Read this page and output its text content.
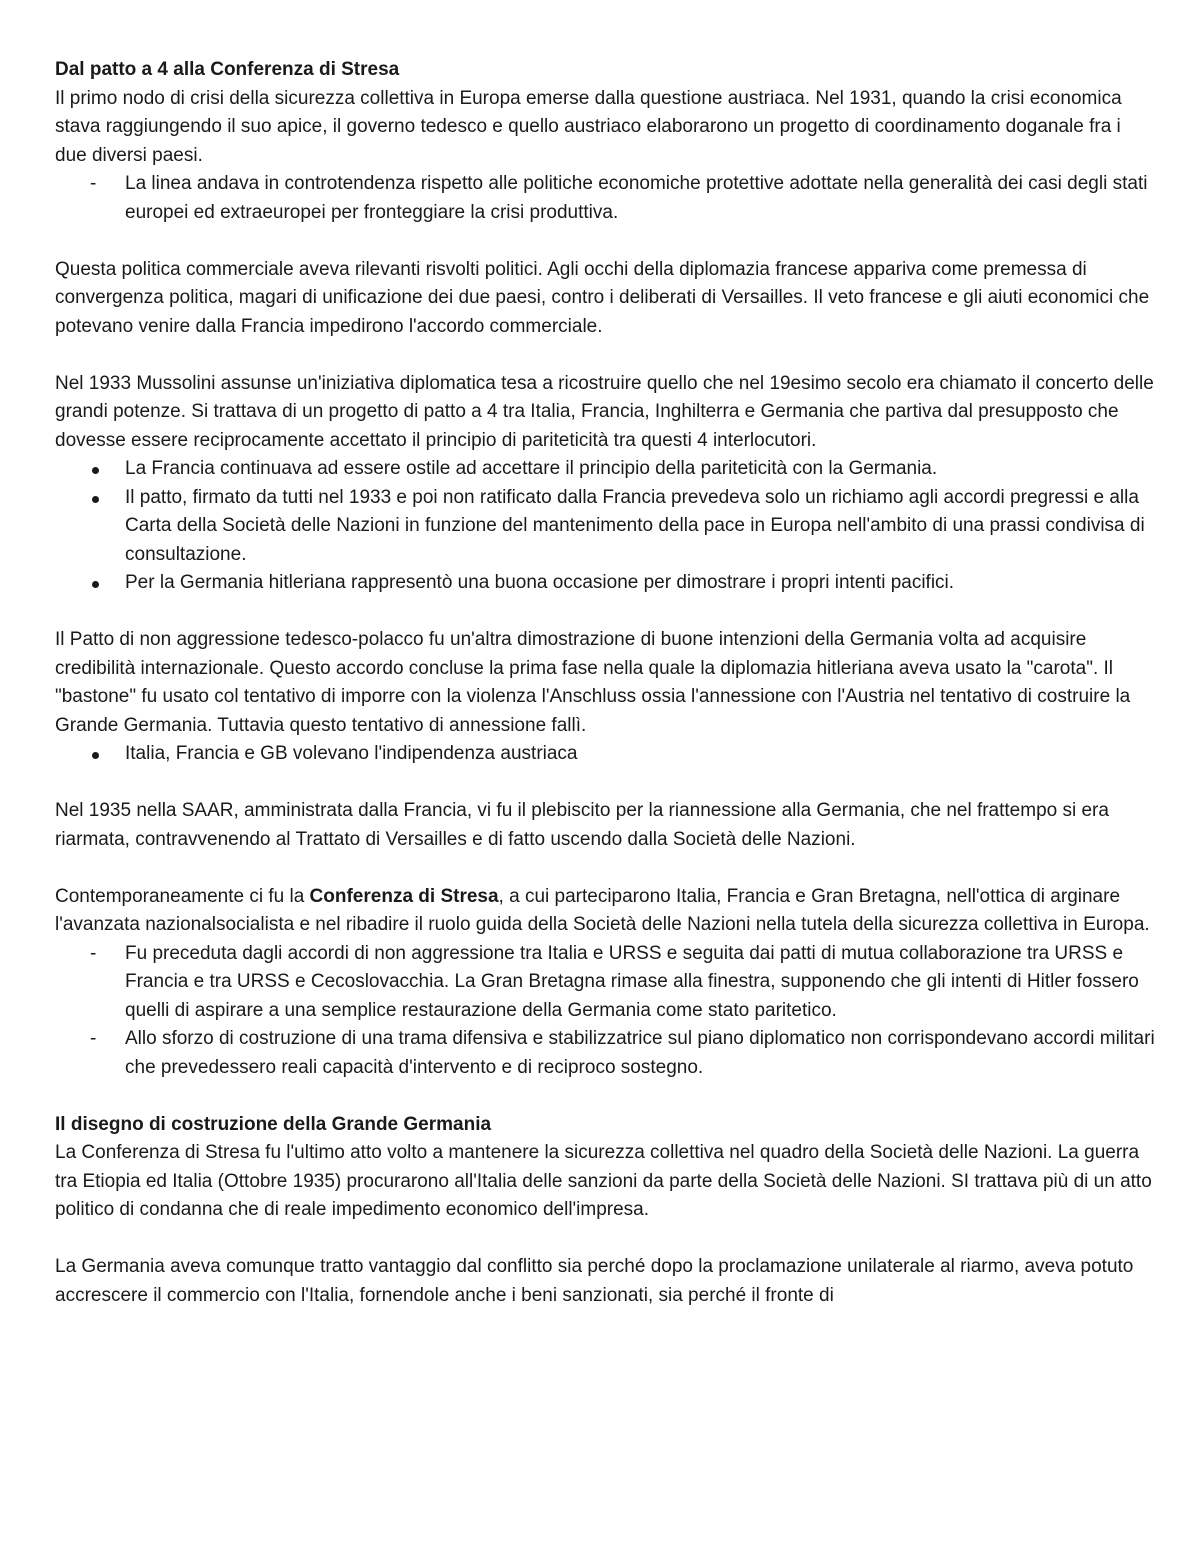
Dal patto a 4 alla Conferenza di Stresa

Il primo nodo di crisi della sicurezza collettiva in Europa emerse dalla questione austriaca. Nel 1931, quando la crisi economica stava raggiungendo il suo apice, il governo tedesco e quello austriaco elaborarono un progetto di coordinamento doganale fra i due diversi paesi.

-
La linea andava in controtendenza rispetto alle politiche economiche protettive adottate nella generalità dei casi degli stati europei ed extraeuropei per fronteggiare la crisi produttiva.

Questa politica commerciale aveva rilevanti risvolti politici. Agli occhi della diplomazia francese appariva come premessa di convergenza politica, magari di unificazione dei due paesi, contro i deliberati di Versailles. Il veto francese e gli aiuti economici che potevano venire dalla Francia impedirono l'accordo commerciale.

Nel 1933 Mussolini assunse un'iniziativa diplomatica tesa a ricostruire quello che nel 19esimo secolo era chiamato il concerto delle grandi potenze. Si trattava di un progetto di patto a 4 tra Italia, Francia, Inghilterra e Germania che partiva dal presupposto che dovesse essere reciprocamente accettato il principio di pariteticità tra questi 4 interlocutori.

La Francia continuava ad essere ostile ad accettare il principio della pariteticità con la Germania.
Il patto, firmato da tutti nel 1933 e poi non ratificato dalla Francia prevedeva solo un richiamo agli accordi pregressi e alla Carta della Società delle Nazioni in funzione del mantenimento della pace in Europa nell'ambito di una prassi condivisa di consultazione.
Per la Germania hitleriana rappresentò una buona occasione per dimostrare i propri intenti pacifici.

Il Patto di non aggressione tedesco-polacco fu un'altra dimostrazione di buone intenzioni della Germania volta ad acquisire credibilità internazionale. Questo accordo concluse la prima fase nella quale la diplomazia hitleriana aveva usato la "carota". Il "bastone" fu usato col tentativo di imporre con la violenza l'Anschluss ossia l'annessione con l'Austria nel tentativo di costruire la Grande Germania. Tuttavia questo tentativo di annessione fallì.

Italia, Francia e GB volevano l'indipendenza austriaca

Nel 1935 nella SAAR, amministrata dalla Francia, vi fu il plebiscito per la riannessione alla Germania, che nel frattempo si era riarmata, contravvenendo al Trattato di Versailles e di fatto uscendo dalla Società delle Nazioni.

Contemporaneamente ci fu la Conferenza di Stresa, a cui parteciparono Italia, Francia e Gran Bretagna, nell'ottica di arginare l'avanzata nazionalsocialista e nel ribadire il ruolo guida della Società delle Nazioni nella tutela della sicurezza collettiva in Europa.

-
Fu preceduta dagli accordi di non aggressione tra Italia e URSS e seguita dai patti di mutua collaborazione tra URSS e Francia e tra URSS e Cecoslovacchia. La Gran Bretagna rimase alla finestra, supponendo che gli intenti di Hitler fossero quelli di aspirare a una semplice restaurazione della Germania come stato paritetico.
-
Allo sforzo di costruzione di una trama difensiva e stabilizzatrice sul piano diplomatico non corrispondevano accordi militari che prevedessero reali capacità d'intervento e di reciproco sostegno.

Il disegno di costruzione della Grande Germania

La Conferenza di Stresa fu l'ultimo atto volto a mantenere la sicurezza collettiva nel quadro della Società delle Nazioni. La guerra tra Etiopia ed Italia (Ottobre 1935) procurarono all'Italia delle sanzioni da parte della Società delle Nazioni. SI trattava più di un atto politico di condanna che di reale impedimento economico dell'impresa.

La Germania aveva comunque tratto vantaggio dal conflitto sia perché dopo la proclamazione unilaterale al riarmo, aveva potuto accrescere il commercio con l'Italia, fornendole anche i beni sanzionati, sia perché il fronte di
